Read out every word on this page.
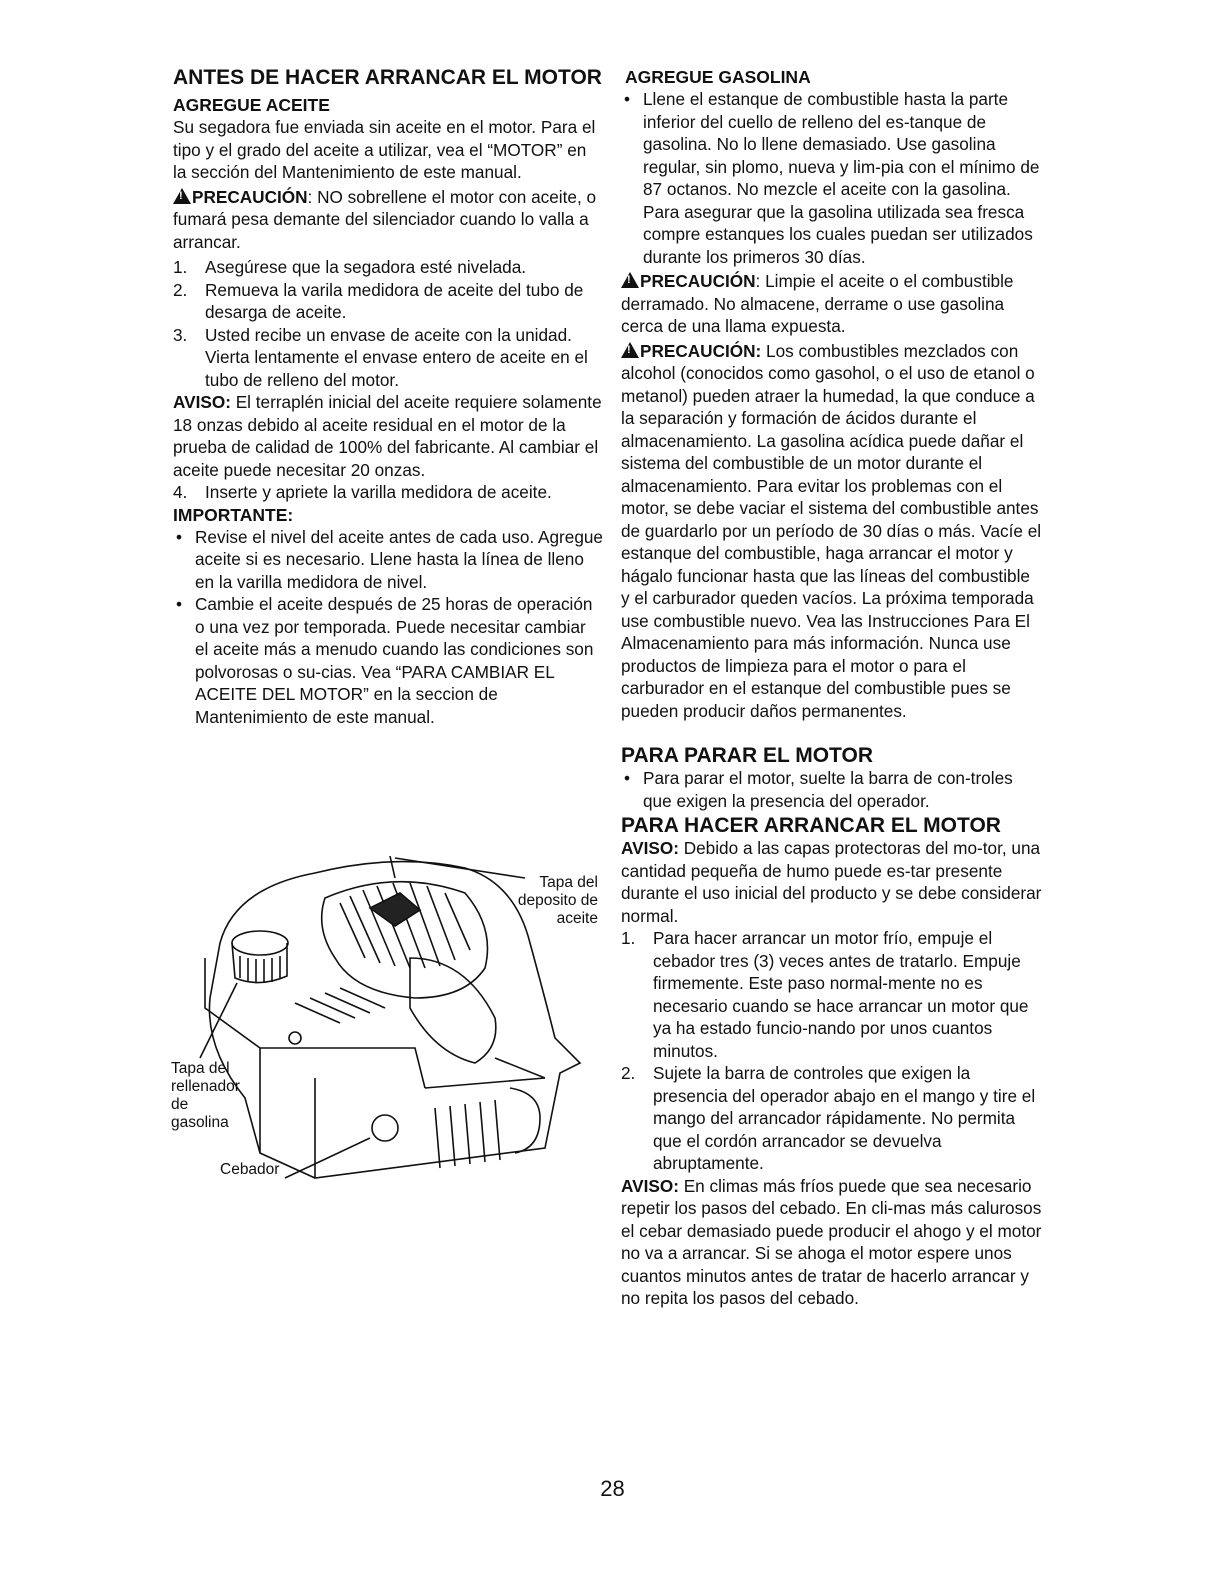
ANTES DE HACER ARRANCAR EL MOTOR
AGREGUE ACEITE

Su segadora fue enviada sin aceite en el motor. Para el tipo y el grado del aceite a utilizar, vea el “MOTOR” en la sección del Mantenimiento de este manual.

!PRECAUCIÓN: NO sobrellene el motor con aceite, o fumará pesa demante del silenciador cuando lo valla a arrancar.

1. Asegúrese que la segadora esté nivelada.
2. Remueva la varila medidora de aceite del tubo de desarga de aceite.
3. Usted recibe un envase de aceite con la unidad. Vierta lentamente el envase entero de aceite en el tubo de relleno del motor.

AVISO: El terraplén inicial del aceite requiere solamente 18 onzas debido al aceite residual en el motor de la prueba de calidad de 100% del fabricante. Al cambiar el aceite puede necesitar 20 onzas.

4. Inserte y apriete la varilla medidora de aceite.
IMPORTANTE:
• Revise el nivel del aceite antes de cada uso. Agregue aceite si es necesario. Llene hasta la línea de lleno en la varilla medidora de nivel.
• Cambie el aceite después de 25 horas de operación o una vez por temporada. Puede necesitar cambiar el aceite más a menudo cuando las condiciones son polvorosas o su-cias. Vea “PARA CAMBIAR EL ACEITE DEL MOTOR” en la seccion de Mantenimiento de este manual.
Tapa del
deposito de
aceite
Tapa del
rellenador
de
gasolina
Cebador
AGREGUE GASOLINA
• Llene el estanque de combustible hasta la parte inferior del cuello de relleno del es-tanque de gasolina. No lo llene demasiado. Use gasolina regular, sin plomo, nueva y lim-pia con el mínimo de 87 octanos. No mezcle el aceite con la gasolina. Para asegurar que la gasolina utilizada sea fresca compre estanques los cuales puedan ser utilizados durante los primeros 30 días.

!PRECAUCIÓN: Limpie el aceite o el combustible derramado. No almacene, derrame o use gasolina cerca de una llama expuesta.

!PRECAUCIÓN: Los combustibles mezclados con alcohol (conocidos como gasohol, o el uso de etanol o metanol) pueden atraer la humedad, la que conduce a la separación y formación de ácidos durante el almacenamiento. La gasolina acídica puede dañar el sistema del combustible de un motor durante el almacenamiento. Para evitar los problemas con el motor, se debe vaciar el sistema del combustible antes de guardarlo por un período de 30 días o más. Vacíe el estanque del combustible, haga arrancar el motor y hágalo funcionar hasta que las líneas del combustible y el carburador queden vacíos. La próxima temporada use combustible nuevo. Vea las Instrucciones Para El Almacenamiento para más información. Nunca use productos de limpieza para el motor o para el carburador en el estanque del combustible pues se pueden producir daños permanentes.

PARA PARAR EL MOTOR
• Para parar el motor, suelte la barra de con-troles que exigen la presencia del operador.
PARA HACER ARRANCAR EL MOTOR

AVISO: Debido a las capas protectoras del mo-tor, una cantidad pequeña de humo puede es-tar presente durante el uso inicial del producto y se debe considerar normal.

1. Para hacer arrancar un motor frío, empuje el cebador tres (3) veces antes de tratarlo. Empuje firmemente. Este paso normal-mente no es necesario cuando se hace arrancar un motor que ya ha estado funcio-nando por unos cuantos minutos.
2. Sujete la barra de controles que exigen la presencia del operador abajo en el mango y tire el mango del arrancador rápidamente. No permita que el cordón arrancador se devuelva abruptamente.

AVISO: En climas más fríos puede que sea necesario repetir los pasos del cebado. En cli-mas más calurosos el cebar demasiado puede producir el ahogo y el motor no va a arrancar. Si se ahoga el motor espere unos cuantos minutos antes de tratar de hacerlo arrancar y no repita los pasos del cebado.

28
